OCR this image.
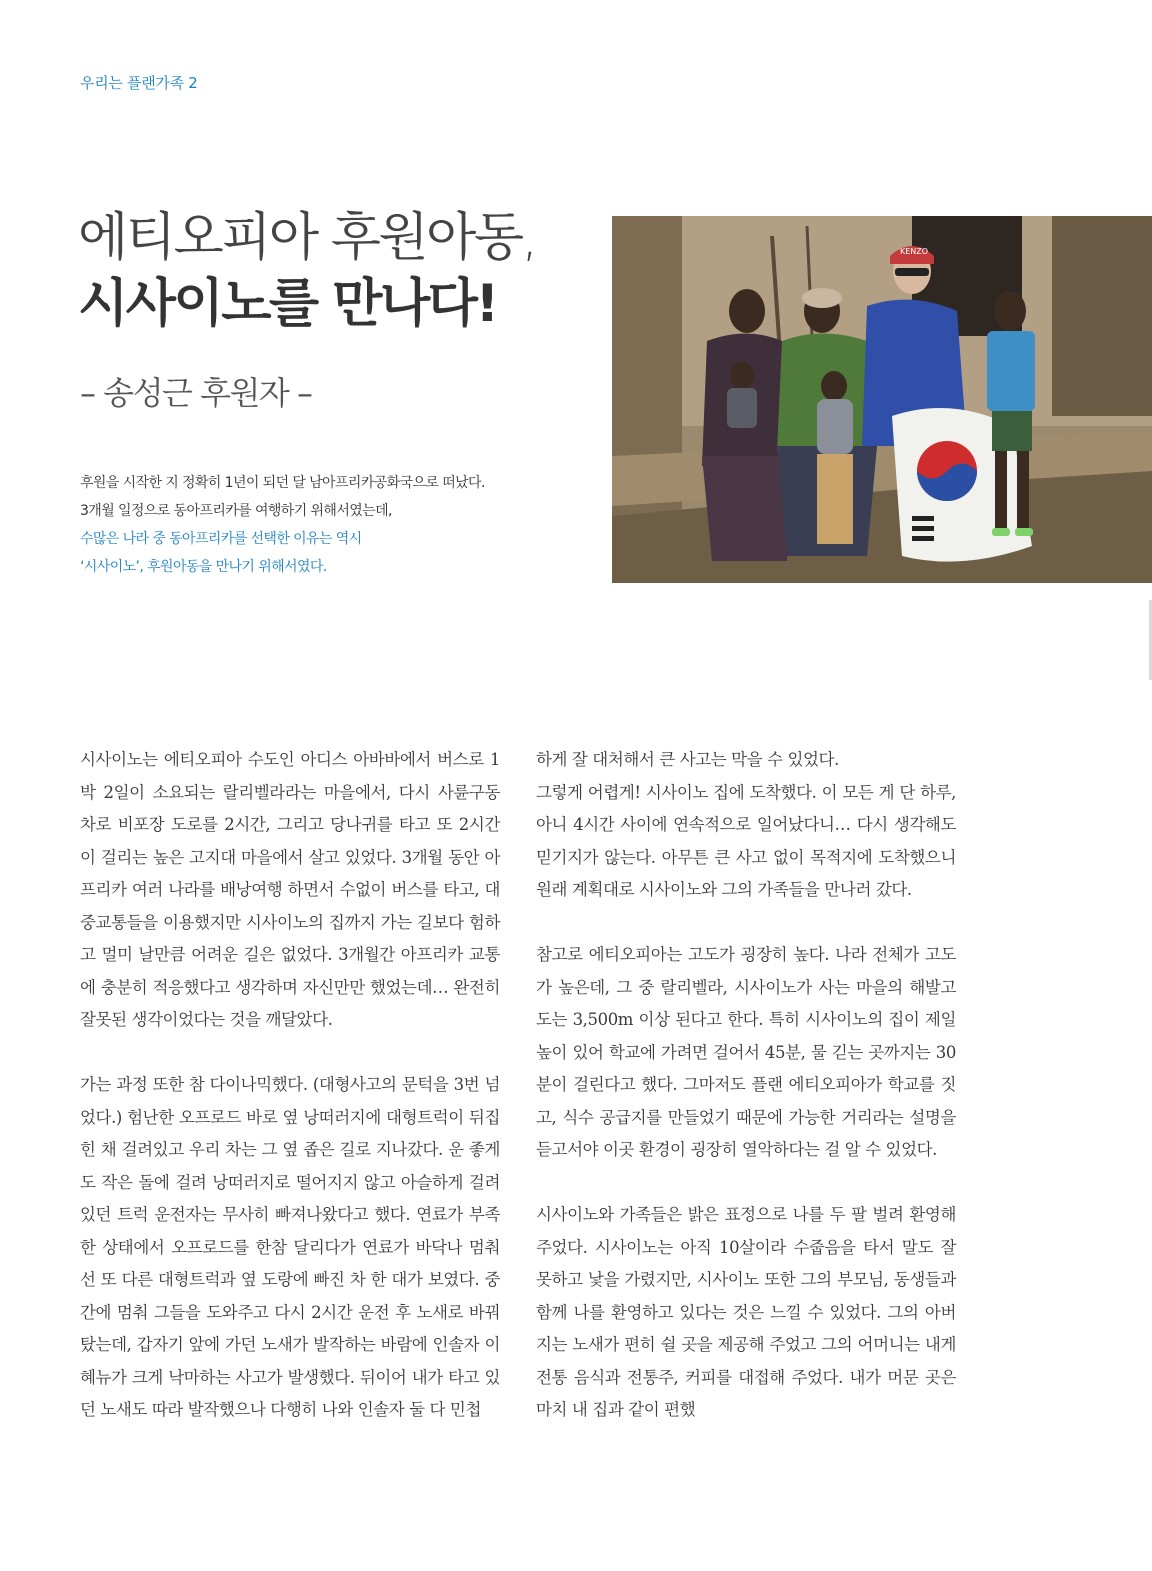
우리는 플랜가족 2
에티오피아 후원아동,
시사이노를 만나다!
– 송성근 후원자 –

후원을 시작한 지 정확히 1년이 되던 달 남아프리카공화국으로 떠났다.

3개월 일정으로 동아프리카를 여행하기 위해서였는데,

수많은 나라 중 동아프리카를 선택한 이유는 역시

‘시사이노’, 후원아동을 만나기 위해서였다.

KENZO

시사이노는 에티오피아 수도인 아디스 아바바에서 버스로 1박 2일이 소요되는 랄리벨라라는 마을에서, 다시 사륜구동 차로 비포장 도로를 2시간, 그리고 당나귀를 타고 또 2시간이 걸리는 높은 고지대 마을에서 살고 있었다. 3개월 동안 아프리카 여러 나라를 배낭여행 하면서 수없이 버스를 타고, 대중교통들을 이용했지만 시사이노의 집까지 가는 길보다 험하고 멀미 날만큼 어려운 길은 없었다. 3개월간 아프리카 교통에 충분히 적응했다고 생각하며 자신만만 했었는데… 완전히 잘못된 생각이었다는 것을 깨달았다.

가는 과정 또한 참 다이나믹했다. (대형사고의 문턱을 3번 넘었다.) 험난한 오프로드 바로 옆 낭떠러지에 대형트럭이 뒤집힌 채 걸려있고 우리 차는 그 옆 좁은 길로 지나갔다. 운 좋게도 작은 돌에 걸려 낭떠러지로 떨어지지 않고 아슬하게 걸려있던 트럭 운전자는 무사히 빠져나왔다고 했다. 연료가 부족한 상태에서 오프로드를 한참 달리다가 연료가 바닥나 멈춰선 또 다른 대형트럭과 옆 도랑에 빠진 차 한 대가 보였다. 중간에 멈춰 그들을 도와주고 다시 2시간 운전 후 노새로 바꿔 탔는데, 갑자기 앞에 가던 노새가 발작하는 바람에 인솔자 이혜뉴가 크게 낙마하는 사고가 발생했다. 뒤이어 내가 타고 있던 노새도 따라 발작했으나 다행히 나와 인솔자 둘 다 민첩

하게 잘 대처해서 큰 사고는 막을 수 있었다.
그렇게 어렵게! 시사이노 집에 도착했다. 이 모든 게 단 하루, 아니 4시간 사이에 연속적으로 일어났다니… 다시 생각해도 믿기지가 않는다. 아무튼 큰 사고 없이 목적지에 도착했으니 원래 계획대로 시사이노와 그의 가족들을 만나러 갔다.

참고로 에티오피아는 고도가 굉장히 높다. 나라 전체가 고도가 높은데, 그 중 랄리벨라, 시사이노가 사는 마을의 해발고도는 3,500m 이상 된다고 한다. 특히 시사이노의 집이 제일 높이 있어 학교에 가려면 걸어서 45분, 물 긷는 곳까지는 30분이 걸린다고 했다. 그마저도 플랜 에티오피아가 학교를 짓고, 식수 공급지를 만들었기 때문에 가능한 거리라는 설명을 듣고서야 이곳 환경이 굉장히 열악하다는 걸 알 수 있었다.

시사이노와 가족들은 밝은 표정으로 나를 두 팔 벌려 환영해 주었다. 시사이노는 아직 10살이라 수줍음을 타서 말도 잘 못하고 낯을 가렸지만, 시사이노 또한 그의 부모님, 동생들과 함께 나를 환영하고 있다는 것은 느낄 수 있었다. 그의 아버지는 노새가 편히 쉴 곳을 제공해 주었고 그의 어머니는 내게 전통 음식과 전통주, 커피를 대접해 주었다. 내가 머문 곳은 마치 내 집과 같이 편했
